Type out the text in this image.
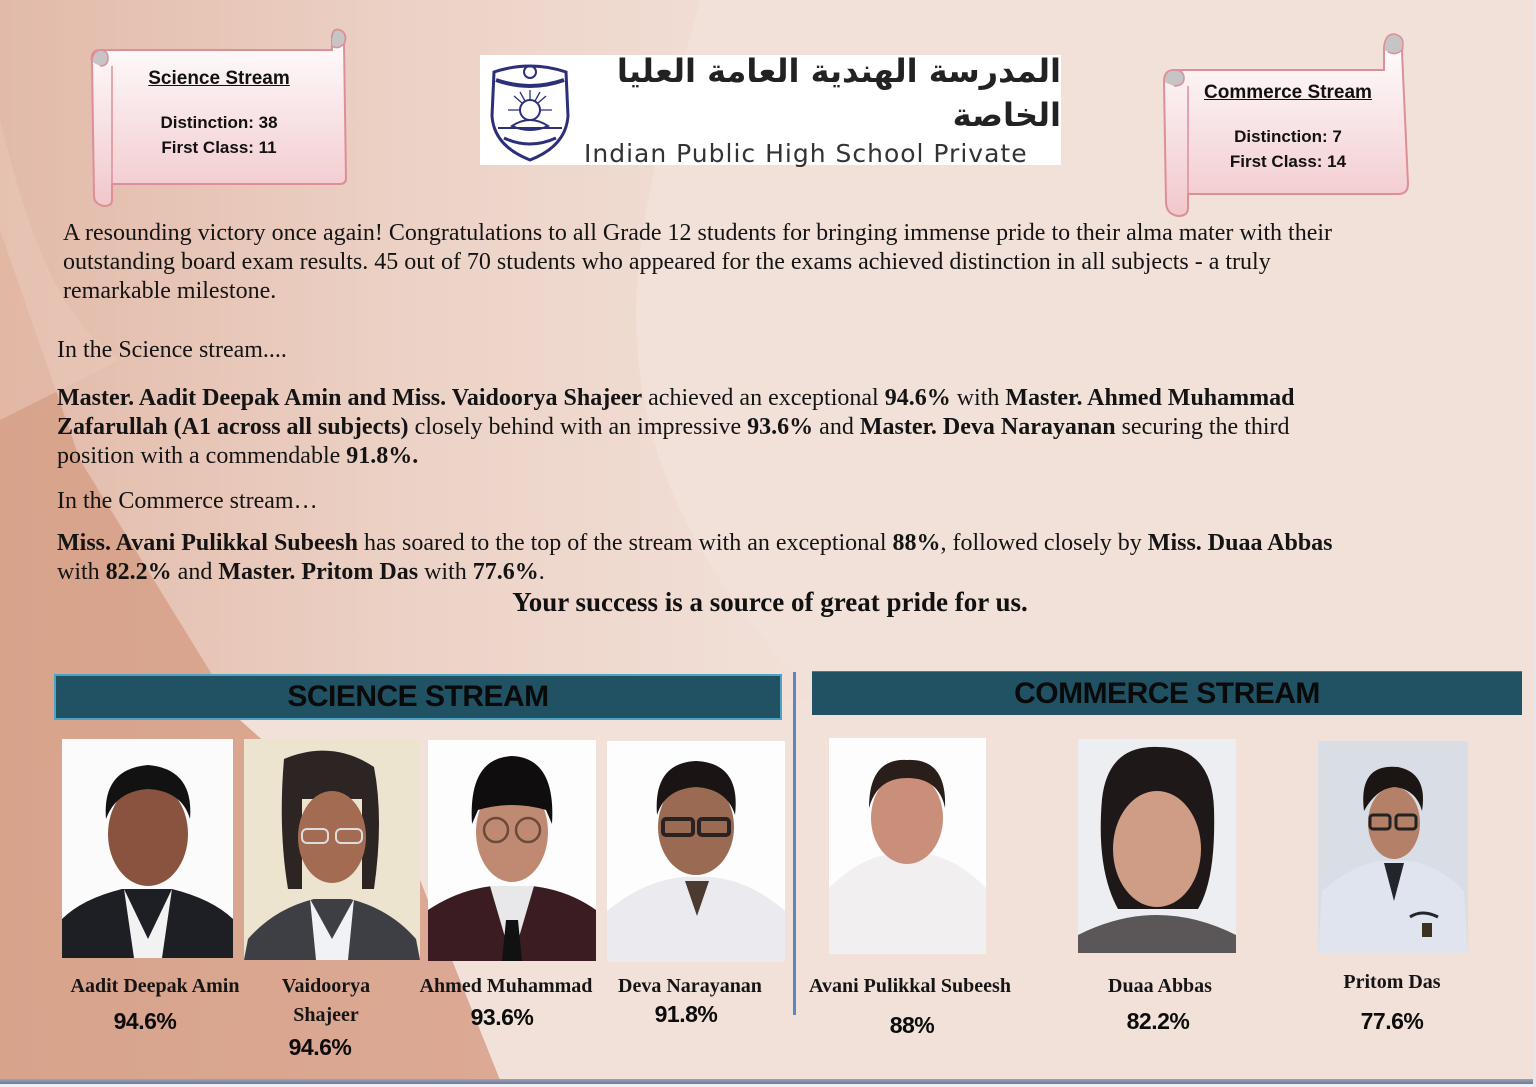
Science Stream
Distinction: 38
First Class: 11
Commerce Stream
Distinction: 7
First Class: 14
المدرسة الهندية العامة العليا الخاصة
Indian Public High School Private
A resounding victory once again! Congratulations to all Grade 12 students for bringing immense pride to their alma mater with their
outstanding board exam results. 45 out of 70 students who appeared for the exams achieved distinction in all subjects - a truly
remarkable milestone.
In the Science stream....
Master. Aadit Deepak Amin and Miss. Vaidoorya Shajeer achieved an exceptional 94.6% with Master. Ahmed Muhammad
Zafarullah (A1 across all subjects) closely behind with an impressive 93.6% and Master. Deva Narayanan securing the third
position with a commendable 91.8%.
In the Commerce stream…
Miss. Avani Pulikkal Subeesh has soared to the top of the stream with an exceptional 88%, followed closely by Miss. Duaa Abbas
with 82.2% and Master. Pritom Das with 77.6%.
Your success is a source of great pride for us.
SCIENCE STREAM	COMMERCE STREAM
Aadit Deepak Amin
94.6%
Vaidoorya
Shajeer
94.6%
Ahmed Muhammad
93.6%
Deva Narayanan
91.8%
Avani Pulikkal Subeesh
88%
Duaa Abbas
82.2%
Pritom Das
77.6%
